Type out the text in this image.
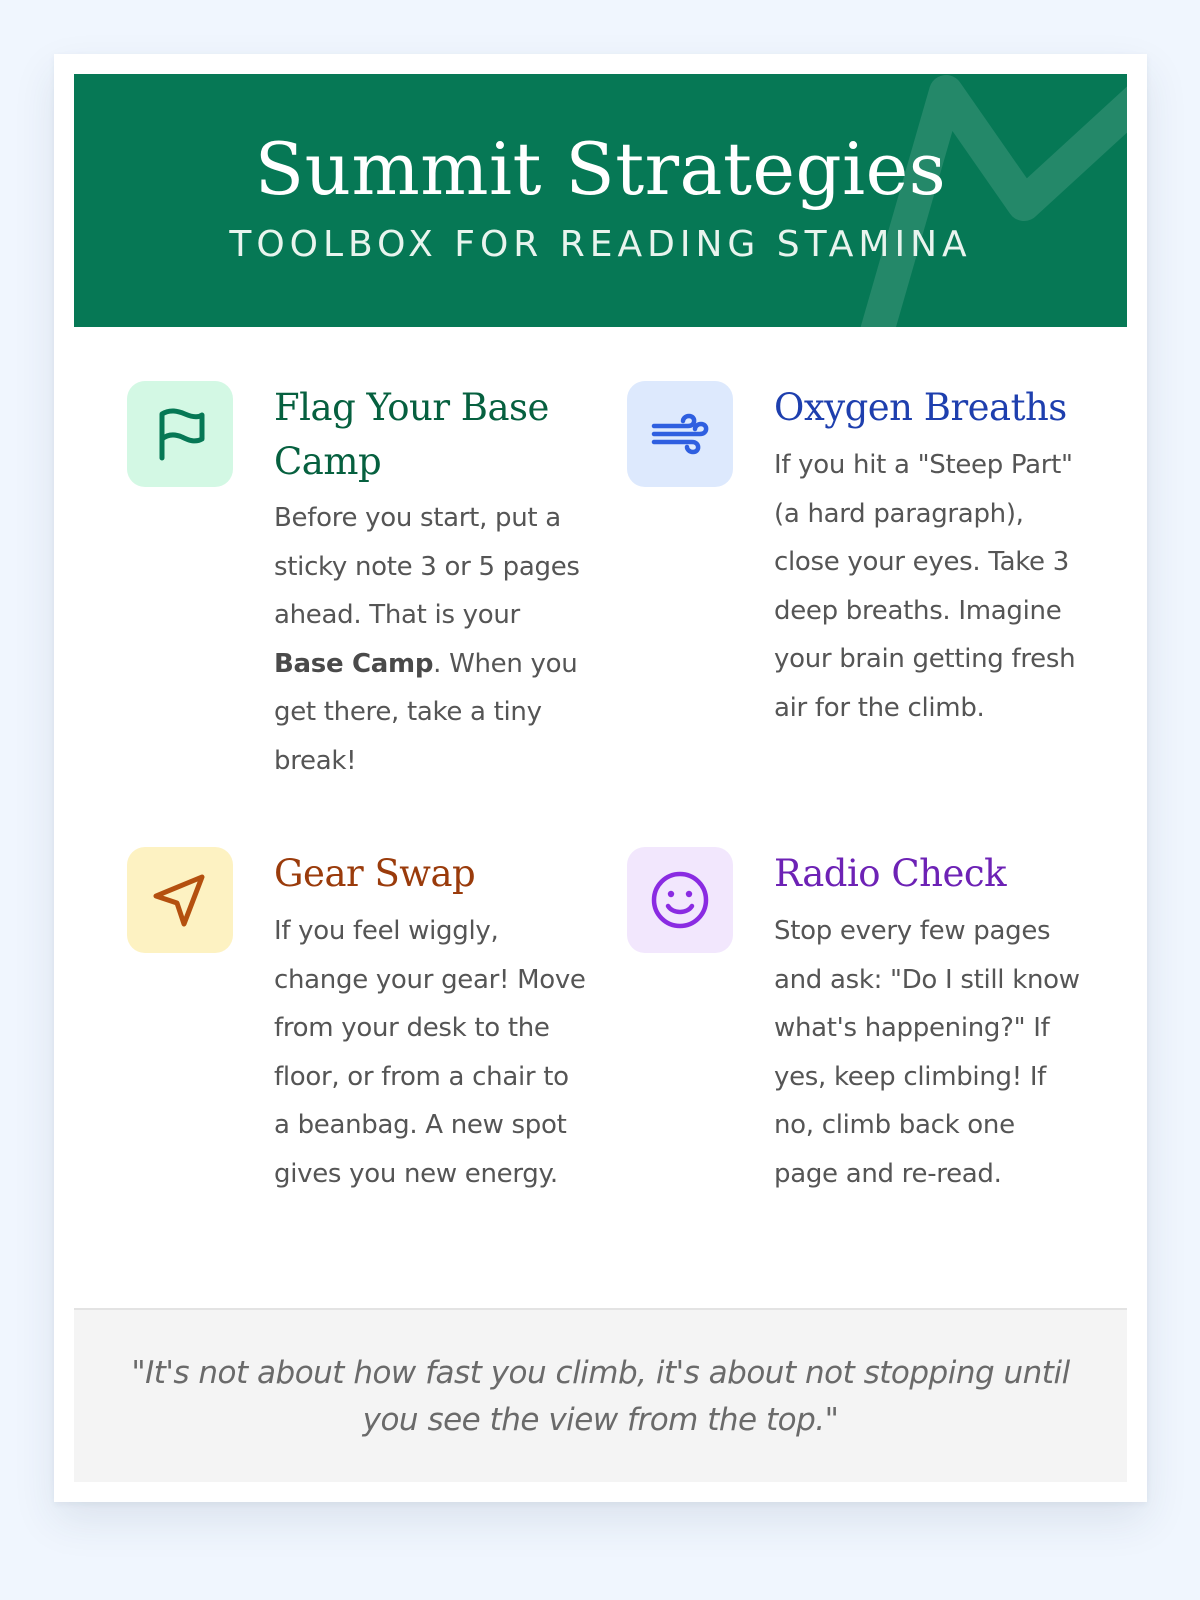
Summit Strategies

TOOLBOX FOR READING STAMINA

Flag Your Base Camp

Before you start, put a sticky note 3 or 5 pages ahead. That is your Base Camp. When you get there, take a tiny break!

Oxygen Breaths

If you hit a "Steep Part" (a hard paragraph), close your eyes. Take 3 deep breaths. Imagine your brain getting fresh air for the climb.

Gear Swap

If you feel wiggly, change your gear! Move from your desk to the floor, or from a chair to a beanbag. A new spot gives you new energy.

Radio Check

Stop every few pages and ask: "Do I still know what's happening?" If yes, keep climbing! If no, climb back one page and re-read.

"It's not about how fast you climb, it's about not stopping until you see the view from the top."
